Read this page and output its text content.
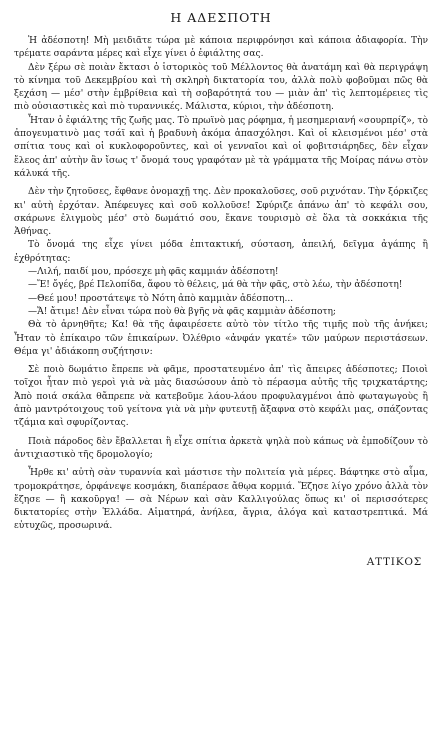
Η ΑΔΕΣΠΟΤΗ

Ἡ ἀδέσποτη! Μὴ μειδιᾶτε τώρα μὲ κάποια περιφρόνησι καὶ κάποια ἀδιαφορία. Τὴν τρέματε σαράντα μέρες καὶ εἶχε γίνει ὁ ἐφιάλτης σας.

Δὲν ξέρω σὲ ποιὰν ἔκτασι ὁ ἱστορικὸς τοῦ Μέλλοντος θὰ ἀνατάμη καὶ θὰ περιγράψη τὸ κίνημα τοῦ Δεκεμβρίου καὶ τὴ σκληρὴ δικτατορία του, ἀλλὰ πολὺ φοβοῦμαι πῶς θὰ ξεχάση — μέσ' στὴν ἐμβρίθεια καὶ τὴ σοβαρότητά του — μιὰν ἀπ' τὶς λεπτομέρειες τὶς πιὸ οὐσιαστικὲς καὶ πιὸ τυραννικές. Μάλιστα, κύριοι, τὴν ἀδέσποτη.

Ἦταν ὁ ἐφιάλτης τῆς ζωῆς μας. Τὸ πρωϊνὸ μας ρόφημα, ἡ μεσημεριανή «σουρπρίζ», τὸ ἀπογευματινὸ μας τσάϊ καὶ ἡ βραδυνὴ ἀκόμα ἀπασχόλησι. Καὶ οἱ κλεισμένοι μέσ' στὰ σπίτια τους καὶ οἱ κυκλοφοροῦντες, καὶ οἱ γενναῖοι καὶ οἱ φοβιτσιάρηδες, δὲν εἶχαν ἔλεος ἀπ' αὐτὴν ἂν ἴσως τ' ὄνομά τους γραφόταν μὲ τὰ γράμματα τῆς Μοίρας πάνω στὸν κάλυκά τῆς.

Δὲν τὴν ζητοῦσες, ἔφθανε ὀνομαχῇ της. Δὲν προκαλοῦσες, σοῦ ριχνόταν. Τὴν ξόρκιζες κι' αὐτὴ ἐρχόταν. Ἀπέφευγες καὶ σοῦ κολλοῦσε! Σφύριζε ἀπάνω ἀπ' τὸ κεφάλι σου, σκάρωνε ἐλιγμοὺς μέσ' στὸ δωμάτιό σου, ἔκανε τουρισμὸ σὲ ὅλα τὰ σοκκάκια τῆς Ἀθήνας.

Τὸ ὄνομά της εἶχε γίνει μόδα ἐπιτακτική, σύσταση, ἀπειλή, δεῖγμα ἀγάπης ἢ ἐχθρότητας:

—Λιλή, παιδί μου, πρόσεχε μὴ φᾶς καμμιάν ἀδέσποτη!

—Ἔ! ὄγές, βρέ Πελοπίδα, ἄφου τὸ θέλεις, μά θὰ τὴν φᾶς, στὸ λέω, τὴν ἀδέσποτη!

—Θεέ μου! προστάτεψε τὸ Νότη ἀπὸ καμμιὰν ἀδέσποτη...

—Ἄ! ἄτιμε! Δὲν εἶναι τώρα ποὺ θὰ βγῆς νὰ φᾶς καμμιὰν ἀδέσποτη;

Θὰ τὸ ἀρνηθῆτε; Κα! θὰ τῆς ἀφαιρέσετε αὐτὸ τὸν τίτλο τῆς τιμῆς ποὺ τῆς ἀνήκει; Ἦταν τὸ ἐπίκαιρο τῶν ἐπικαίρων. Ὀλέθριο «ἀνφάν γκατέ» τῶν μαύρων περιστάσεων. Θέμα γι' ἀδιάκοπη συζήτησιν:

Σὲ ποιὸ δωμάτιο ἔπρεπε νὰ φᾶμε, προστατευμένο ἀπ' τὶς ἄπειρες ἀδέσποτες; Ποιοὶ τοῖχοι ἦταν πιὸ γεροὶ γιὰ νὰ μὰς διασώσουν ἀπὸ τὸ πέρασμα αὐτῆς τῆς τριχκατάρτης; Ἀπὸ ποιά σκάλα θἄπρεπε νὰ κατεβοῦμε λάου-λάου προφυλαγμένοι ἀπὸ φωταγωγοὺς ἢ ἀπὸ μαντρότοιχους τοῦ γείτονα γιὰ νὰ μὴν φυτευτῇ ἄξαφνα στὸ κεφάλι μας, σπάζοντας τζάμια καὶ σφυρίζοντας.

Ποιὰ πάροδος δὲν ἔβαλλεται ἢ εἶχε σπίτια ἀρκετὰ ψηλὰ ποὺ κάπως νὰ ἐμποδίζουν τὸ ἀντιχιαστικὸ τῆς δρομολογίο;

Ἦρθε κι' αὐτὴ σὰν τυραννία καὶ μάστισε τὴν πολιτεία γιὰ μέρες. Βάφτηκε στὸ αἷμα, τρομοκράτησε, ὀρφάνεψε κοσμάκη, διαπέρασε ἄθῳα κορμιά. Ἔζησε λίγο χρόνο ἀλλὰ τὸν ἔζησε — ἢ κακοῦργα! — σὰ Νέρων καὶ σὰν Καλλιγούλας ὅπως κι' οἱ περισσότερες δικτατορίες στὴν Ἑλλάδα. Αἱματηρά, ἀνήλεα, ἄγρια, ἀλόγα καὶ καταστρεπτικά. Μά εὐτυχῶς, προσωρινά.

ΑΤΤΙΚΟΣ
